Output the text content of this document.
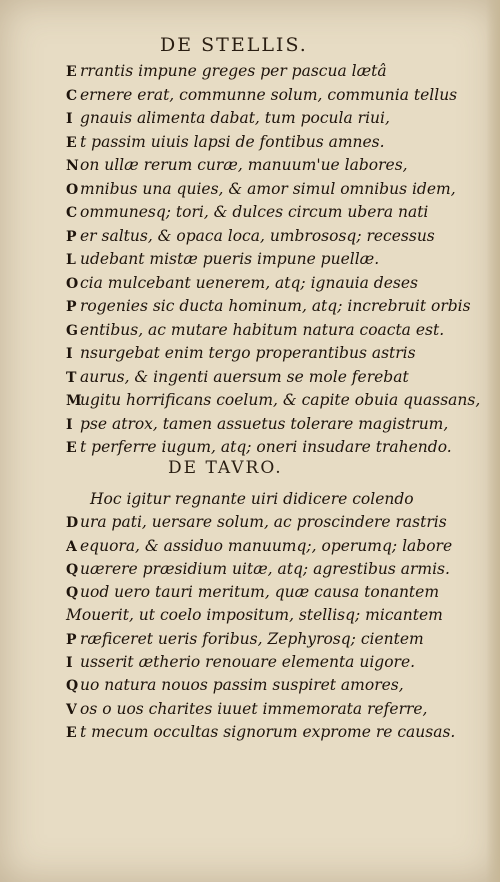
DE STELLIS.
E rrantis impune greges per pascua lætâ
C ernere erat, communne solum, communia tellus
I gnauis alimenta dabat, tum pocula riui,
E t passim uiuis lapsi de fontibus amnes.
Non ullæ rerum curæ, manuum'ue labores,
O mnibus una quies, & amor simul omnibus idem,
C ommunesq; tori, & dulces circum ubera nati
P er saltus, & opaca loca, umbrososq; recessus
L udebant mistæ pueris impune puellæ.
O cia mulcebant uenerem, atq; ignauia deses
P rogenies sic ducta hominum, atq; increbruit orbis
G entibus, ac mutare habitum natura coacta est.
I nsurgebat enim tergo properantibus astris
T aurus, & ingenti auersum se mole ferebat
Mugitu horrificans coelum, & capite obuia quassans,
I pse atrox, tamen assuetus tolerare magistrum,
E t perferre iugum, atq; oneri insudare trahendo.
DE TAVRO.
Hoc igitur regnante uiri didicere colendo
D ura pati, uersare solum, ac proscindere rastris
A equora, & assiduo manuumq;, operumq; labore
Q uærere præsidium uitæ, atq; agrestibus armis.
Q uod uero tauri meritum, quæ causa tonantem
Mouerit, ut coelo impositum, stellisq; micantem
P ræficeret ueris foribus, Zephyrosq; cientem
I usserit ætherio renouare elementa uigore.
Q uo natura nouos passim suspiret amores,
V os o uos charites iuuet immemorata referre,
E t mecum occultas signorum exprome re causas.
